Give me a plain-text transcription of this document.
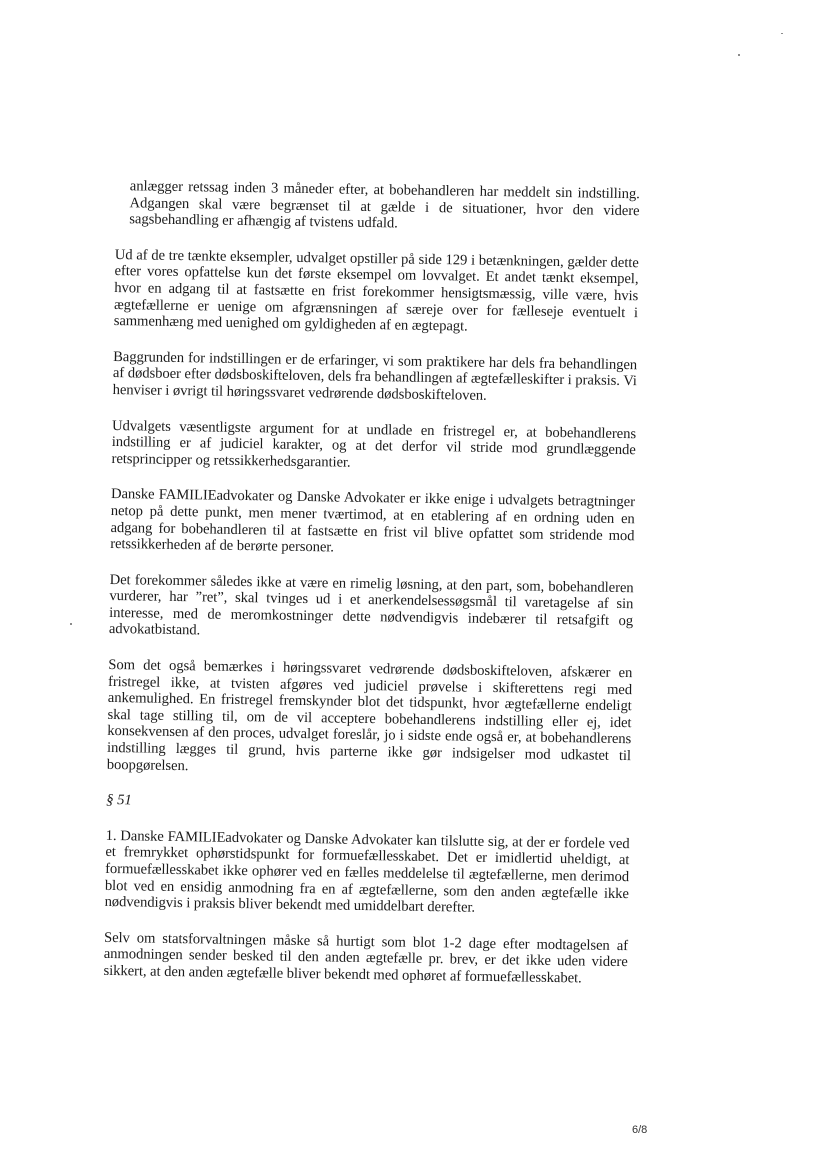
anlægger retssag inden 3 måneder efter, at bobehandleren har meddelt sin indstilling. Adgangen skal være begrænset til at gælde i de situationer, hvor den videre sagsbehandling er afhængig af tvistens udfald.

Ud af de tre tænkte eksempler, udvalget opstiller på side 129 i betænkningen, gælder dette efter vores opfattelse kun det første eksempel om lovvalget. Et andet tænkt eksempel, hvor en adgang til at fastsætte en frist forekommer hensigtsmæssig, ville være, hvis ægtefællerne er uenige om afgrænsningen af særeje over for fælleseje eventuelt i sammenhæng med uenighed om gyldigheden af en ægtepagt.

Baggrunden for indstillingen er de erfaringer, vi som praktikere har dels fra behandlingen af dødsboer efter dødsboskifteloven, dels fra behandlingen af ægtefælleskifter i praksis. Vi henviser i øvrigt til høringssvaret vedrørende dødsboskifteloven.

Udvalgets væsentligste argument for at undlade en fristregel er, at bobehandlerens indstilling er af judiciel karakter, og at det derfor vil stride mod grundlæggende retsprincipper og retssikkerhedsgarantier.

Danske FAMILIEadvokater og Danske Advokater er ikke enige i udvalgets betragtninger netop på dette punkt, men mener tværtimod, at en etablering af en ordning uden en adgang for bobehandleren til at fastsætte en frist vil blive opfattet som stridende mod retssikkerheden af de berørte personer.

Det forekommer således ikke at være en rimelig løsning, at den part, som, bobehandleren vurderer, har ”ret”, skal tvinges ud i et anerkendelsessøgsmål til varetagelse af sin interesse, med de meromkostninger dette nødvendigvis indebærer til retsafgift og advokatbistand.

Som det også bemærkes i høringssvaret vedrørende dødsboskifteloven, afskærer en fristregel ikke, at tvisten afgøres ved judiciel prøvelse i skifterettens regi med ankemulighed. En fristregel fremskynder blot det tidspunkt, hvor ægtefællerne endeligt skal tage stilling til, om de vil acceptere bobehandlerens indstilling eller ej, idet konsekvensen af den proces, udvalget foreslår, jo i sidste ende også er, at bobehandlerens indstilling lægges til grund, hvis parterne ikke gør indsigelser mod udkastet til boopgørelsen.

§ 51

1. Danske FAMILIEadvokater og Danske Advokater kan tilslutte sig, at der er fordele ved et fremrykket ophørstidspunkt for formuefællesskabet. Det er imidlertid uheldigt, at formuefællesskabet ikke ophører ved en fælles meddelelse til ægtefællerne, men derimod blot ved en ensidig anmodning fra en af ægtefællerne, som den anden ægtefælle ikke nødvendigvis i praksis bliver bekendt med umiddelbart derefter.

Selv om statsforvaltningen måske så hurtigt som blot 1-2 dage efter modtagelsen af anmodningen sender besked til den anden ægtefælle pr. brev, er det ikke uden videre sikkert, at den anden ægtefælle bliver bekendt med ophøret af formuefællesskabet.

6/8
